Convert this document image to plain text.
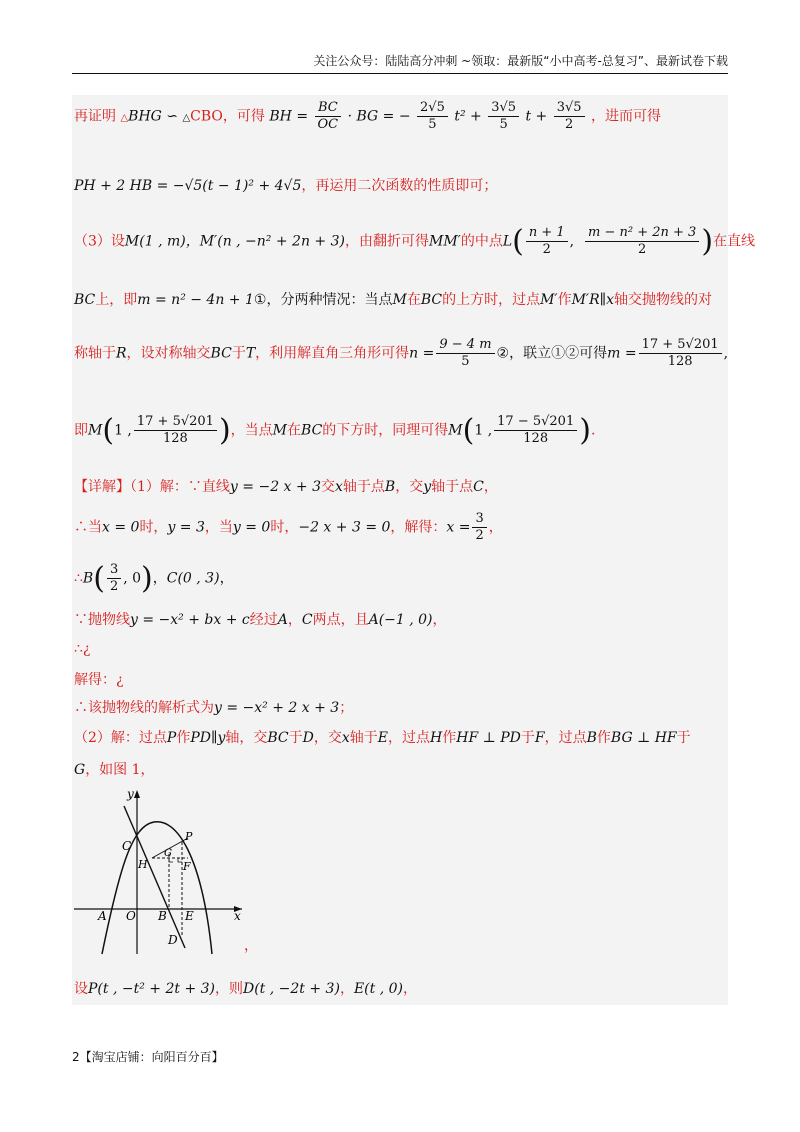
关注公众号：陆陆高分冲刺 ~领取：最新版“小中高考-总复习”、最新试卷下载
再证明 △BHG ∽ △CBO，可得 BH = $\frac{BC}{OC}$ · BG = − $\frac{2√5}{5} t^2 + \frac{3√5}{5}$ $t + \frac{3√5}{2}$ ，进而可得
PH + 2 HB = −√5(t − 1)² + 4√5，再运用二次函数的性质即可；
（3）设M(1 , m)，M′(n , −n² + 2n + 3)，由翻折可得MM′的中点$L( \frac{n + 1}{2}$ , $\frac{\text{m − n² + 2n + 3}}{2}$ )在直线
BC上，即m = n² − 4n + 1①，分两种情况：当点M在BC的上方时，过点M′作M′R∥x轴交抛物线的对
称轴于R，设对称轴交BC于T，利用解直角三角形可得$n = \frac{9 - 4 m}{5}$ ②，联立①②可得$m = \frac{17 + 5√201}{128}$ ,
即M(1 , $\frac{17 + 5√201}{128}$ )，当点M在BC的下方时，同理可得M(1 , $\frac{17 - 5√201}{128}$ ).
【详解】（1）解：∵直线y = −2 x + 3交x轴于点B，交y轴于点C，
∴当x = 0时，y = 3，当y = 0时，−2 x + 3 = 0，解得：$x = \frac{3}{2}$ ，
∴B( $\frac{3}{2}$ , 0)，C(0 , 3)，
∵抛物线y = −x² + bx + c经过A，C两点，且A(−1 , 0)，
∴¿
解得：¿
∴该抛物线的解析式为y = −x² + 2 x + 3；
（2）解：过点P作PD∥y轴，交BC于D，交x轴于E，过点H作HF ⊥ PD于F，过点B作BG ⊥ HF于
G，如图 1，
y
x
C
P
G
H	F
A O B E
D	，
设P(t , −t² + 2t + 3)，则D(t , −2t + 3)，E(t , 0)，
2【淘宝店铺：向阳百分百】
